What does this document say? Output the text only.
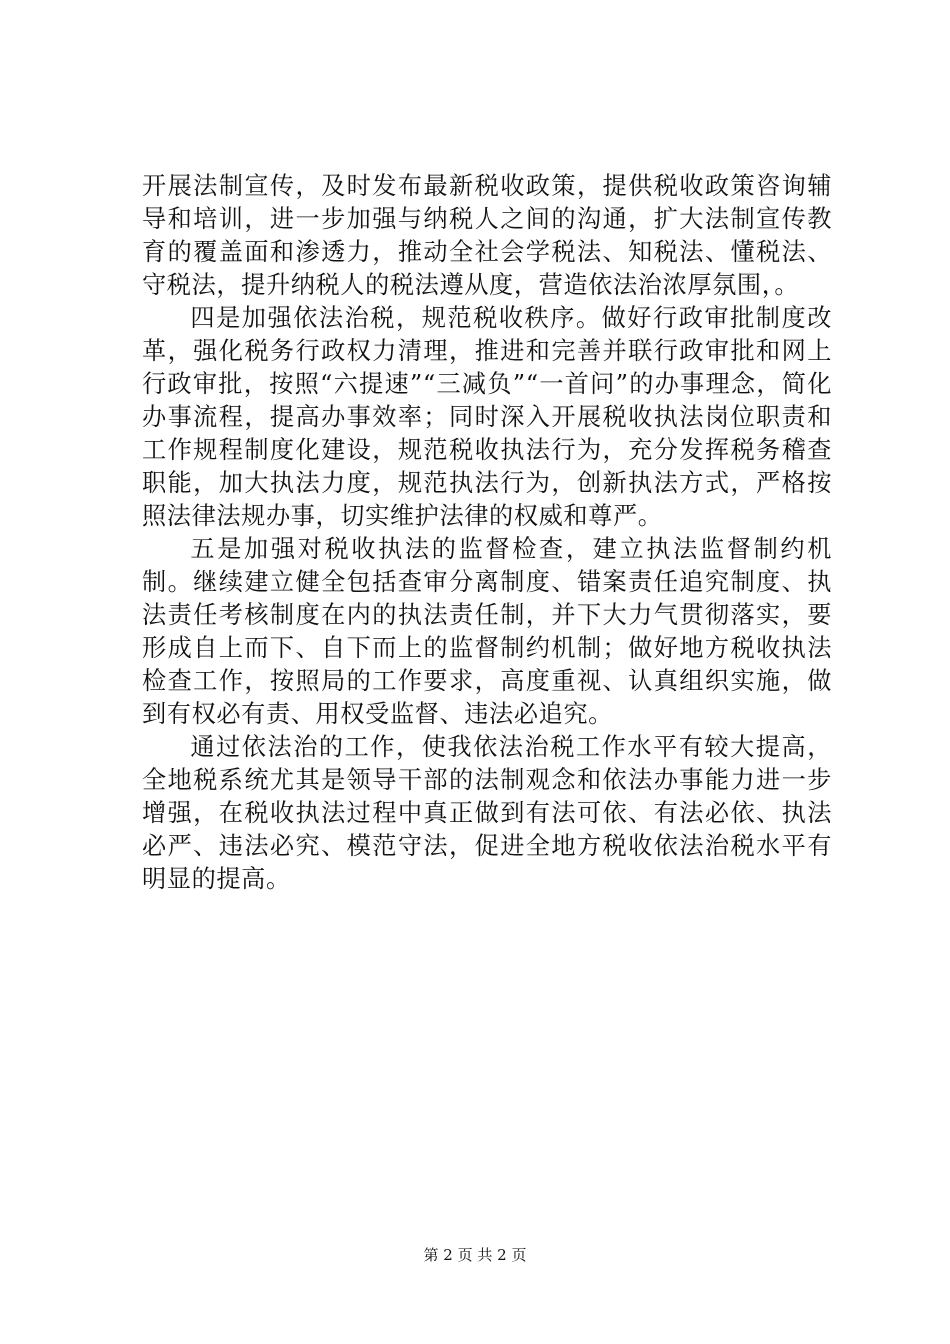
开展法制宣传，及时发布最新税收政策，提供税收政策咨询辅导和培训，进一步加强与纳税人之间的沟通，扩大法制宣传教育的覆盖面和渗透力，推动全社会学税法、知税法、懂税法、守税法，提升纳税人的税法遵从度，营造依法治浓厚氛围，。

四是加强依法治税，规范税收秩序。做好行政审批制度改革，强化税务行政权力清理，推进和完善并联行政审批和网上行政审批，按照“六提速”“三减负”“一首问”的办事理念，简化办事流程，提高办事效率；同时深入开展税收执法岗位职责和工作规程制度化建设，规范税收执法行为，充分发挥税务稽查职能，加大执法力度，规范执法行为，创新执法方式，严格按照法律法规办事，切实维护法律的权威和尊严。

五是加强对税收执法的监督检查，建立执法监督制约机制。继续建立健全包括查审分离制度、错案责任追究制度、执法责任考核制度在内的执法责任制，并下大力气贯彻落实，要形成自上而下、自下而上的监督制约机制；做好地方税收执法检查工作，按照局的工作要求，高度重视、认真组织实施，做到有权必有责、用权受监督、违法必追究。

通过依法治的工作，使我依法治税工作水平有较大提高，全地税系统尤其是领导干部的法制观念和依法办事能力进一步增强，在税收执法过程中真正做到有法可依、有法必依、执法必严、违法必究、模范守法，促进全地方税收依法治税水平有明显的提高。

第 2 页 共 2 页
